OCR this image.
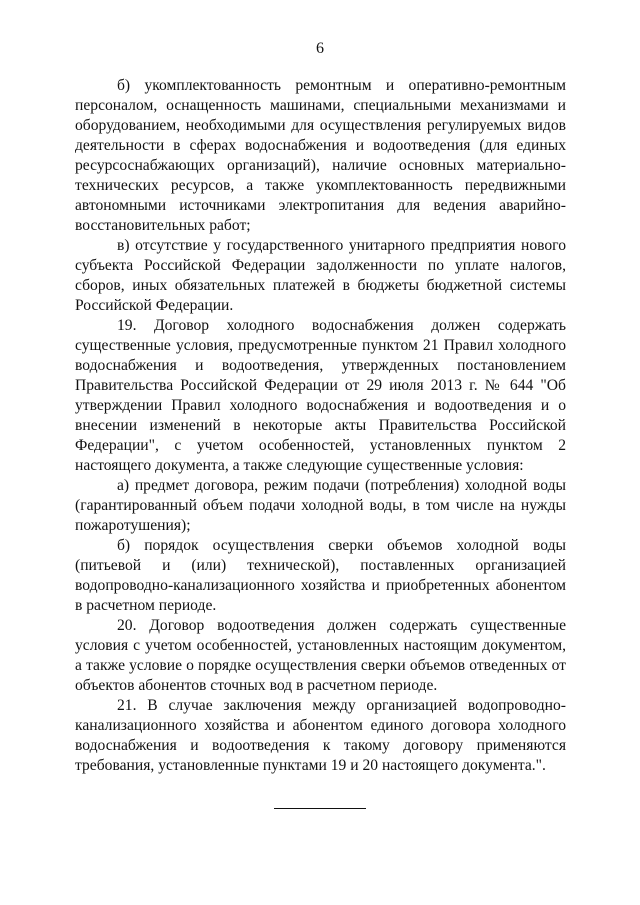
6

б) укомплектованность ремонтным и оперативно-ремонтным персоналом, оснащенность машинами, специальными механизмами и оборудованием, необходимыми для осуществления регулируемых видов деятельности в сферах водоснабжения и водоотведения (для единых ресурсоснабжающих организаций), наличие основных материально-технических ресурсов, а также укомплектованность передвижными автономными источниками электропитания для ведения аварийно-восстановительных работ;

в) отсутствие у государственного унитарного предприятия нового субъекта Российской Федерации задолженности по уплате налогов, сборов, иных обязательных платежей в бюджеты бюджетной системы Российской Федерации.

19. Договор холодного водоснабжения должен содержать существенные условия, предусмотренные пунктом 21 Правил холодного водоснабжения и водоотведения, утвержденных постановлением Правительства Российской Федерации от 29 июля 2013 г. № 644 "Об утверждении Правил холодного водоснабжения и водоотведения и о внесении изменений в некоторые акты Правительства Российской Федерации", с учетом особенностей, установленных пунктом 2 настоящего документа, а также следующие существенные условия:

а) предмет договора, режим подачи (потребления) холодной воды (гарантированный объем подачи холодной воды, в том числе на нужды пожаротушения);

б) порядок осуществления сверки объемов холодной воды (питьевой и (или) технической), поставленных организацией водопроводно-канализационного хозяйства и приобретенных абонентом в расчетном периоде.

20. Договор водоотведения должен содержать существенные условия с учетом особенностей, установленных настоящим документом, а также условие о порядке осуществления сверки объемов отведенных от объектов абонентов сточных вод в расчетном периоде.

21. В случае заключения между организацией водопроводно-канализационного хозяйства и абонентом единого договора холодного водоснабжения и водоотведения к такому договору применяются требования, установленные пунктами 19 и 20 настоящего документа.".
